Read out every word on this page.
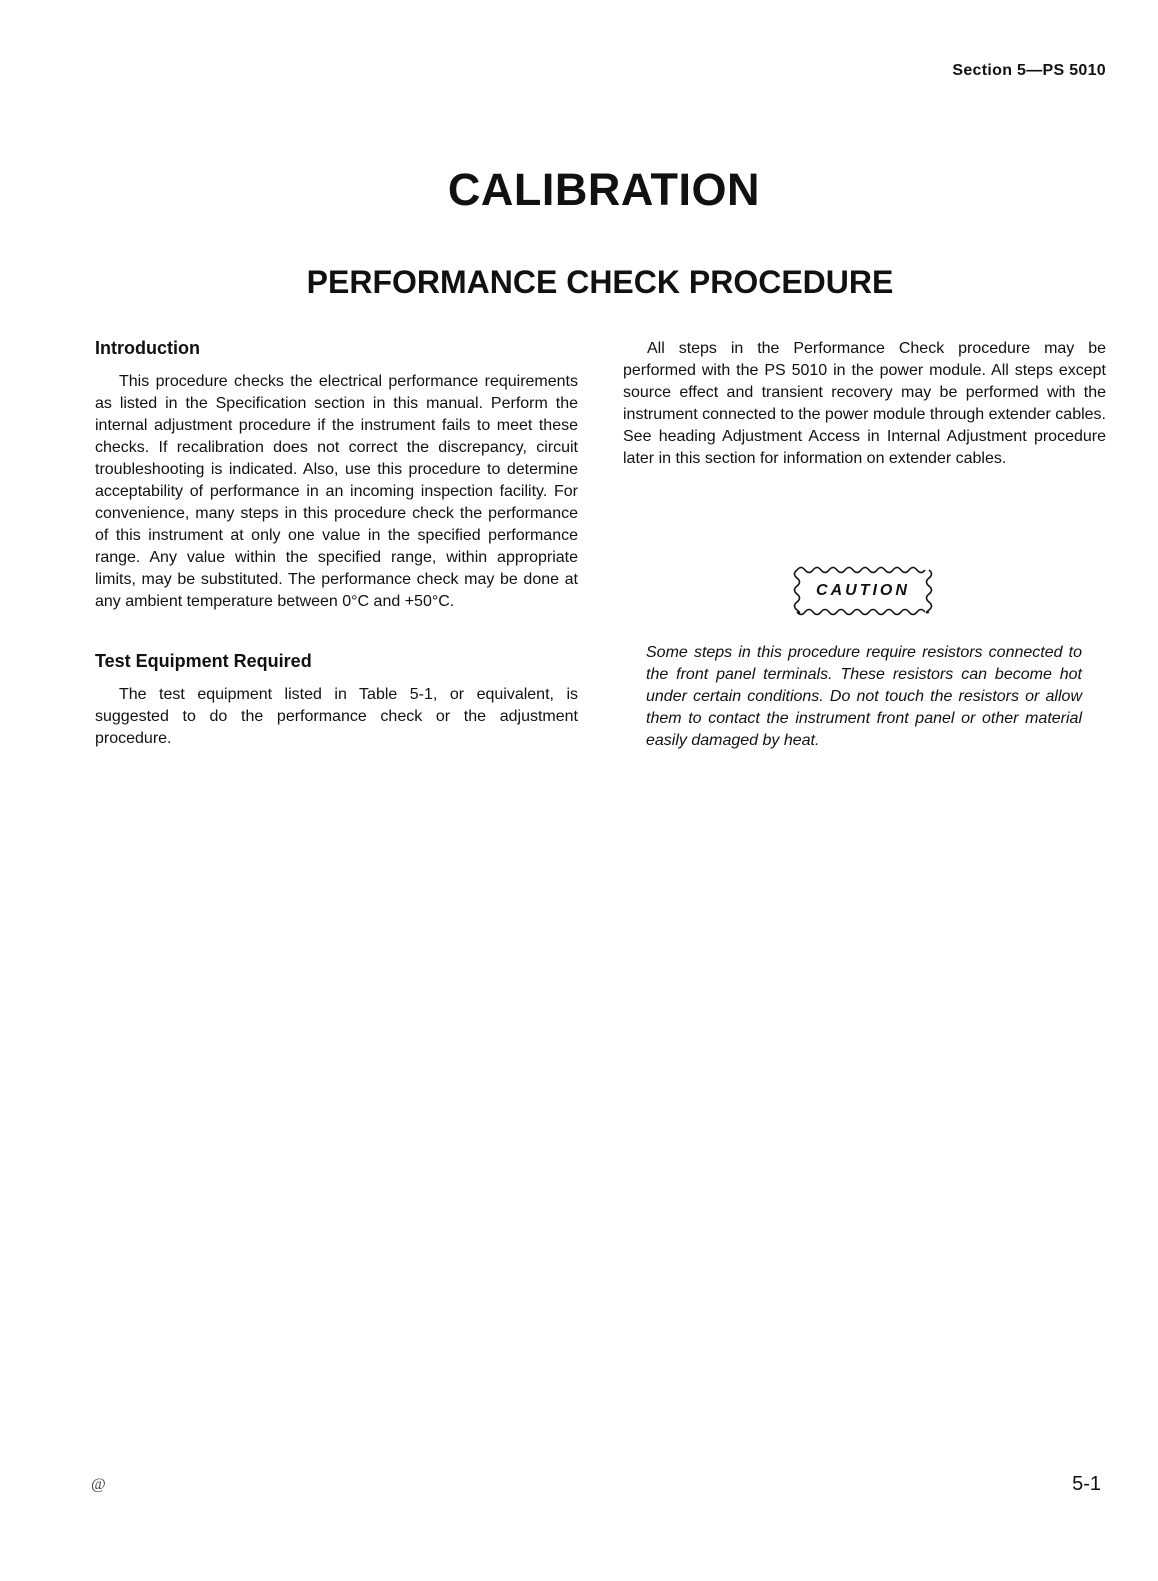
Section 5—PS 5010
CALIBRATION
PERFORMANCE CHECK PROCEDURE
Introduction

This procedure checks the electrical performance requirements as listed in the Specification section in this manual. Perform the internal adjustment procedure if the instrument fails to meet these checks. If recalibration does not correct the discrepancy, circuit troubleshooting is indicated. Also, use this procedure to determine acceptability of performance in an incoming inspection facility. For convenience, many steps in this procedure check the performance of this instrument at only one value in the specified performance range. Any value within the specified range, within appropriate limits, may be substituted. The performance check may be done at any ambient temperature between 0°C and +50°C.

Test Equipment Required

The test equipment listed in Table 5-1, or equivalent, is suggested to do the performance check or the adjustment procedure.

All steps in the Performance Check procedure may be performed with the PS 5010 in the power module. All steps except source effect and transient recovery may be performed with the instrument connected to the power module through extender cables. See heading Adjustment Access in Internal Adjustment procedure later in this section for information on extender cables.

CAUTION

Some steps in this procedure require resistors connected to the front panel terminals. These resistors can become hot under certain conditions. Do not touch the resistors or allow them to contact the instrument front panel or other material easily damaged by heat.

@	5-1
